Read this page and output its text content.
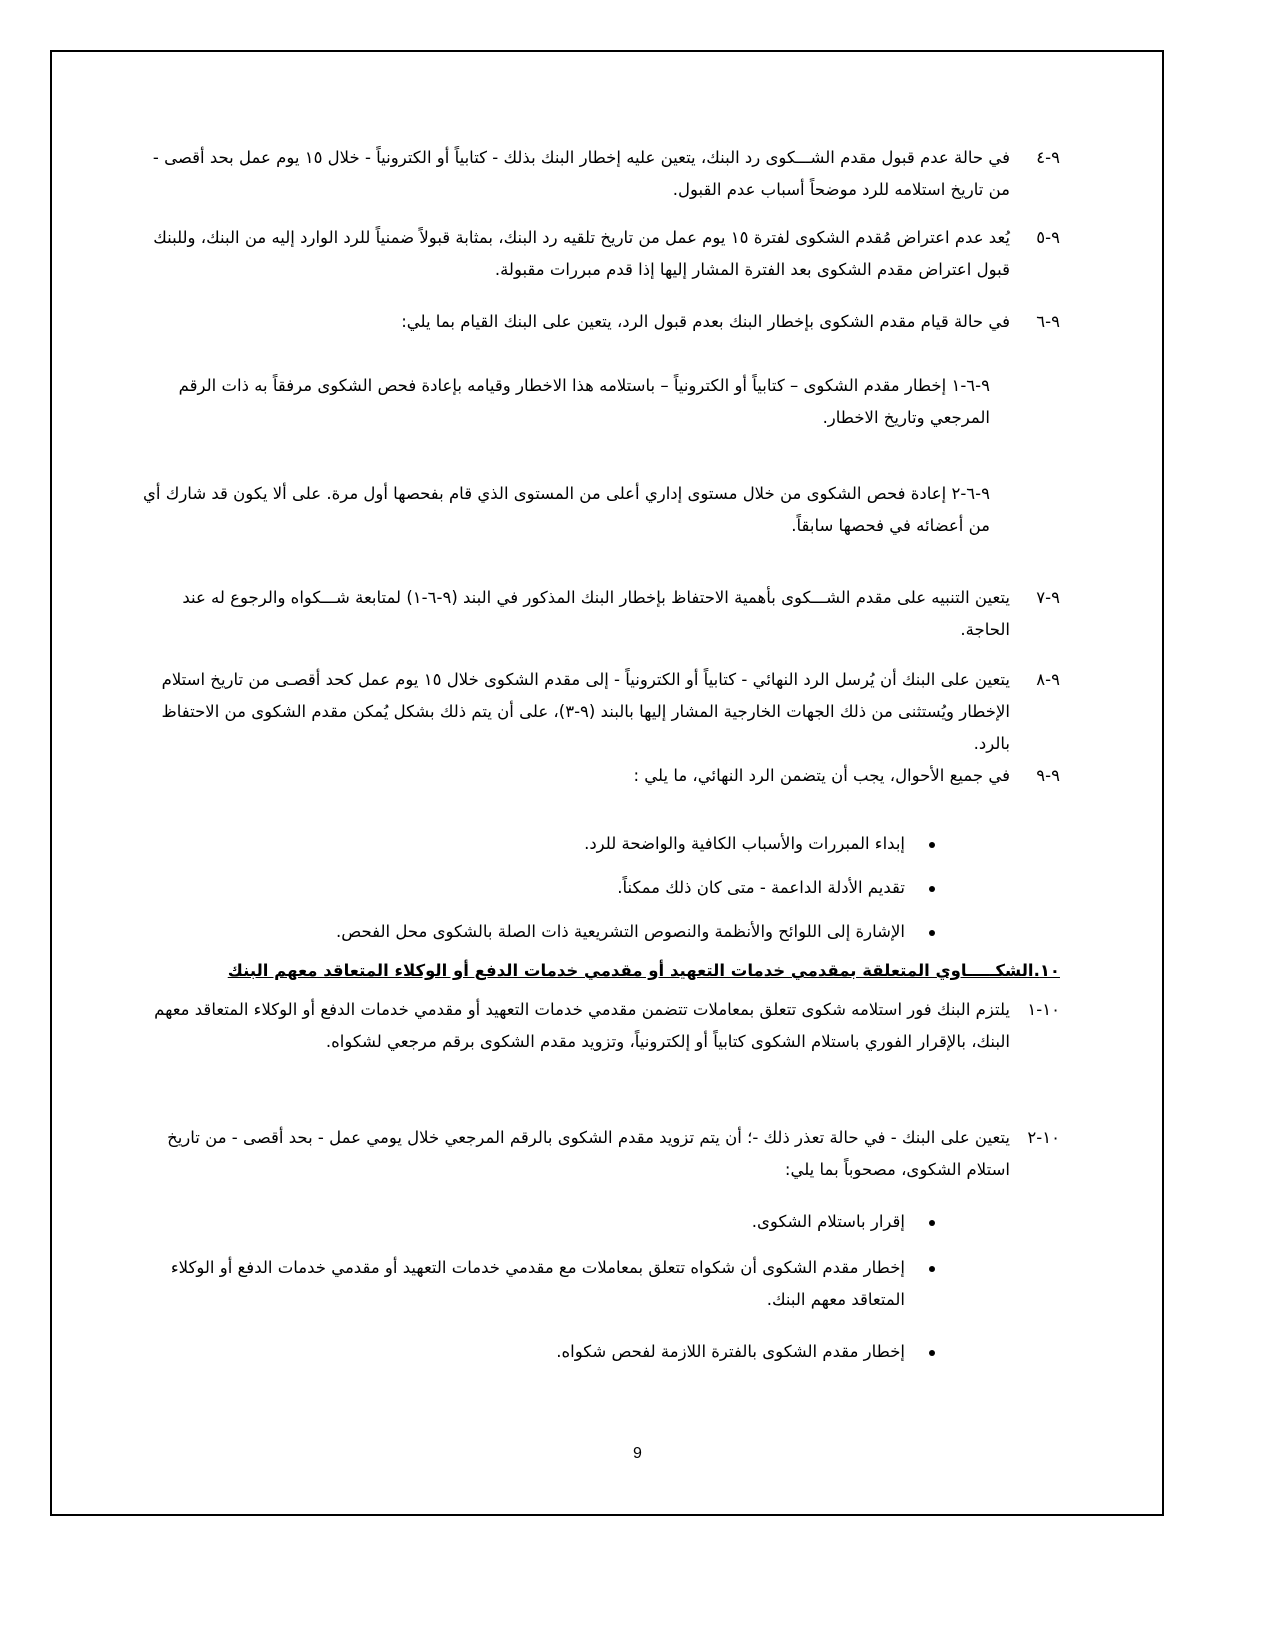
٩-٤
في حالة عدم قبول مقدم الشـــكوى رد البنك، يتعين عليه إخطار البنك بذلك - كتابياً أو الكترونياً - خلال ١٥ يوم عمل بحد أقصى - من تاريخ استلامه للرد موضحاً أسباب عدم القبول.
٩-٥
يُعد عدم اعتراض مُقدم الشكوى لفترة ١٥ يوم عمل من تاريخ تلقيه رد البنك، بمثابة قبولاً ضمنياً للرد الوارد إليه من البنك، وللبنك قبول اعتراض مقدم الشكوى بعد الفترة المشار إليها إذا قدم مبررات مقبولة.
٩-٦
في حالة قيام مقدم الشكوى بإخطار البنك بعدم قبول الرد، يتعين على البنك القيام بما يلي:
٩-٦-١ إخطار مقدم الشكوى – كتابياً أو الكترونياً – باستلامه هذا الاخطار وقيامه بإعادة فحص الشكوى مرفقاً به ذات الرقم المرجعي وتاريخ الاخطار.
٩-٦-٢ إعادة فحص الشكوى من خلال مستوى إداري أعلى من المستوى الذي قام بفحصها أول مرة. على ألا يكون قد شارك أي من أعضائه في فحصها سابقاً.
٩-٧
يتعين التنبيه على مقدم الشـــكوى بأهمية الاحتفاظ بإخطار البنك المذكور في البند (٩-٦-١) لمتابعة شـــكواه والرجوع له عند الحاجة.
٩-٨
يتعين على البنك أن يُرسل الرد النهائي - كتابياً أو الكترونياً - إلى مقدم الشكوى خلال ١٥ يوم عمل كحد أقصـى من تاريخ استلام الإخطار ويُستثنى من ذلك الجهات الخارجية المشار إليها بالبند (٩-٣)، على أن يتم ذلك بشكل يُمكن مقدم الشكوى من الاحتفاظ بالرد.
٩-٩
في جميع الأحوال، يجب أن يتضمن الرد النهائي، ما يلي :
إبداء المبررات والأسباب الكافية والواضحة للرد.
تقديم الأدلة الداعمة - متى كان ذلك ممكناً.
الإشارة إلى اللوائح والأنظمة والنصوص التشريعية ذات الصلة بالشكوى محل الفحص.
١٠.الشكـــــاوي المتعلقة بمقدمي خدمات التعهيد أو مقدمي خدمات الدفع أو الوكلاء المتعاقد معهم البنك
١٠-١
يلتزم البنك فور استلامه شكوى تتعلق بمعاملات تتضمن مقدمي خدمات التعهيد أو مقدمي خدمات الدفع أو الوكلاء المتعاقد معهم البنك، بالإقرار الفوري باستلام الشكوى كتابياً أو إلكترونياً، وتزويد مقدم الشكوى برقم مرجعي لشكواه.
١٠-٢
يتعين على البنك - في حالة تعذر ذلك -؛ أن يتم تزويد مقدم الشكوى بالرقم المرجعي خلال يومي عمل - بحد أقصى - من تاريخ استلام الشكوى، مصحوباً بما يلي:
إقرار باستلام الشكوى.
إخطار مقدم الشكوى أن شكواه تتعلق بمعاملات مع مقدمي خدمات التعهيد أو مقدمي خدمات الدفع أو الوكلاء المتعاقد معهم البنك.
إخطار مقدم الشكوى بالفترة اللازمة لفحص شكواه.
9
